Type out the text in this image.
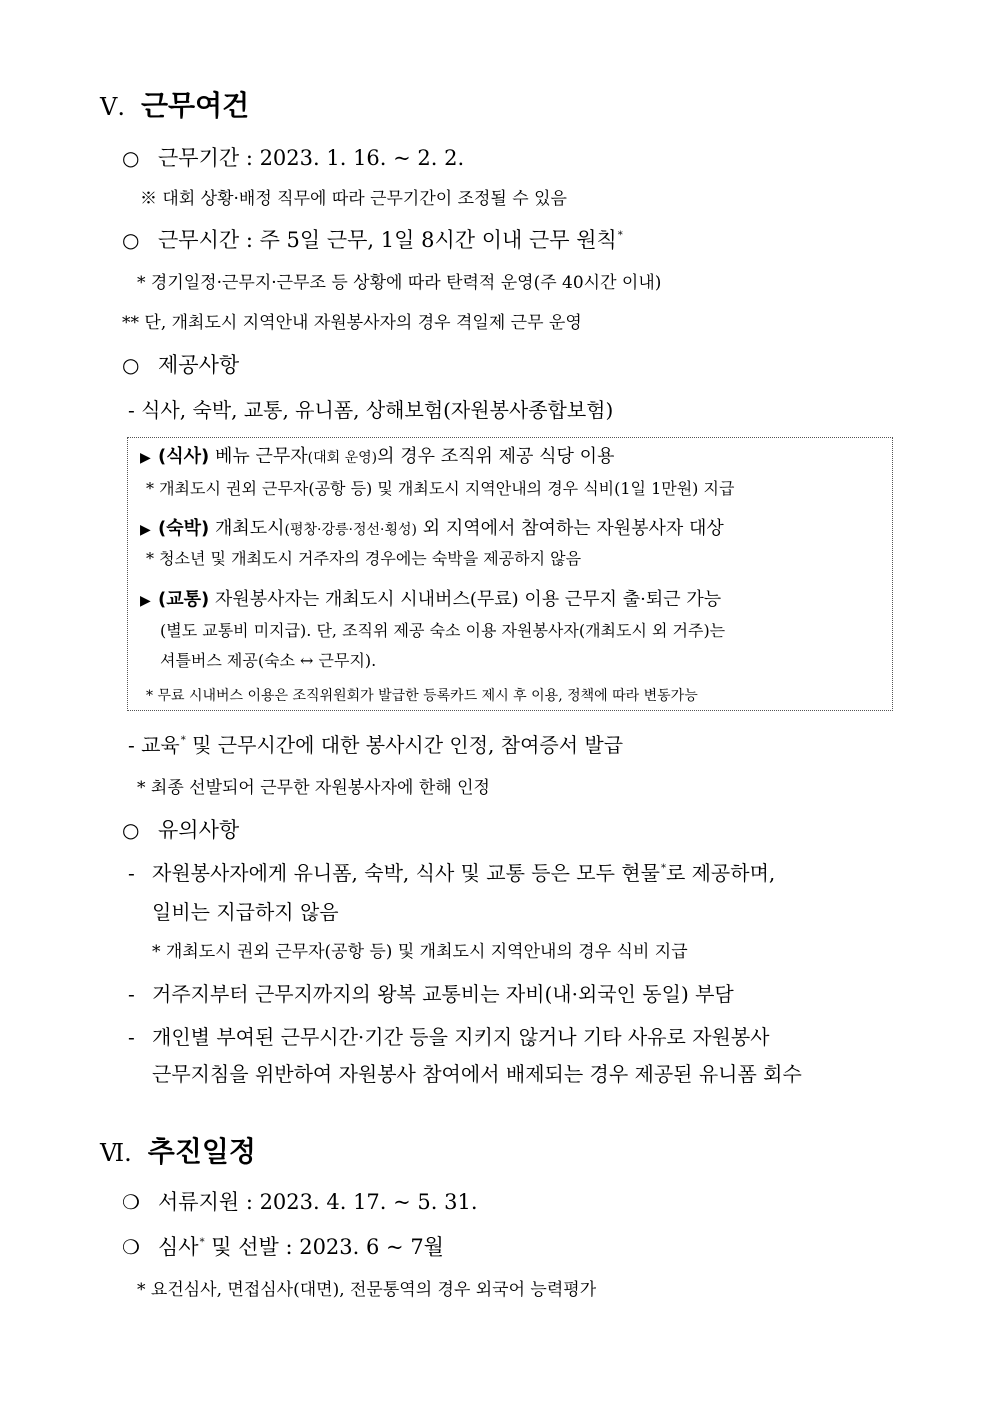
Ⅴ. 근무여건
○ 근무기간 : 2023. 1. 16. ~ 2. 2.
※ 대회 상황·배정 직무에 따라 근무기간이 조정될 수 있음
○ 근무시간 : 주 5일 근무, 1일 8시간 이내 근무 원칙*
* 경기일정·근무지·근무조 등 상황에 따라 탄력적 운영(주 40시간 이내)
** 단, 개최도시 지역안내 자원봉사자의 경우 격일제 근무 운영
○ 제공사항
- 식사, 숙박, 교통, 유니폼, 상해보험(자원봉사종합보험)
▶ (식사) 베뉴 근무자(대회 운영)의 경우 조직위 제공 식당 이용
* 개최도시 권외 근무자(공항 등) 및 개최도시 지역안내의 경우 식비(1일 1만원) 지급
▶ (숙박) 개최도시(평창·강릉·정선·횡성) 외 지역에서 참여하는 자원봉사자 대상
* 청소년 및 개최도시 거주자의 경우에는 숙박을 제공하지 않음
▶ (교통) 자원봉사자는 개최도시 시내버스(무료) 이용 근무지 출·퇴근 가능
(별도 교통비 미지급). 단, 조직위 제공 숙소 이용 자원봉사자(개최도시 외 거주)는
셔틀버스 제공(숙소 ↔ 근무지).
* 무료 시내버스 이용은 조직위원회가 발급한 등록카드 제시 후 이용, 정책에 따라 변동가능
- 교육* 및 근무시간에 대한 봉사시간 인정, 참여증서 발급
* 최종 선발되어 근무한 자원봉사자에 한해 인정
○ 유의사항
- 자원봉사자에게 유니폼, 숙박, 식사 및 교통 등은 모두 현물*로 제공하며,
일비는 지급하지 않음
* 개최도시 권외 근무자(공항 등) 및 개최도시 지역안내의 경우 식비 지급
- 거주지부터 근무지까지의 왕복 교통비는 자비(내·외국인 동일) 부담
- 개인별 부여된 근무시간·기간 등을 지키지 않거나 기타 사유로 자원봉사
근무지침을 위반하여 자원봉사 참여에서 배제되는 경우 제공된 유니폼 회수
Ⅵ. 추진일정
❍ 서류지원 : 2023. 4. 17. ~ 5. 31.
❍ 심사* 및 선발 : 2023. 6 ~ 7월
* 요건심사, 면접심사(대면), 전문통역의 경우 외국어 능력평가
